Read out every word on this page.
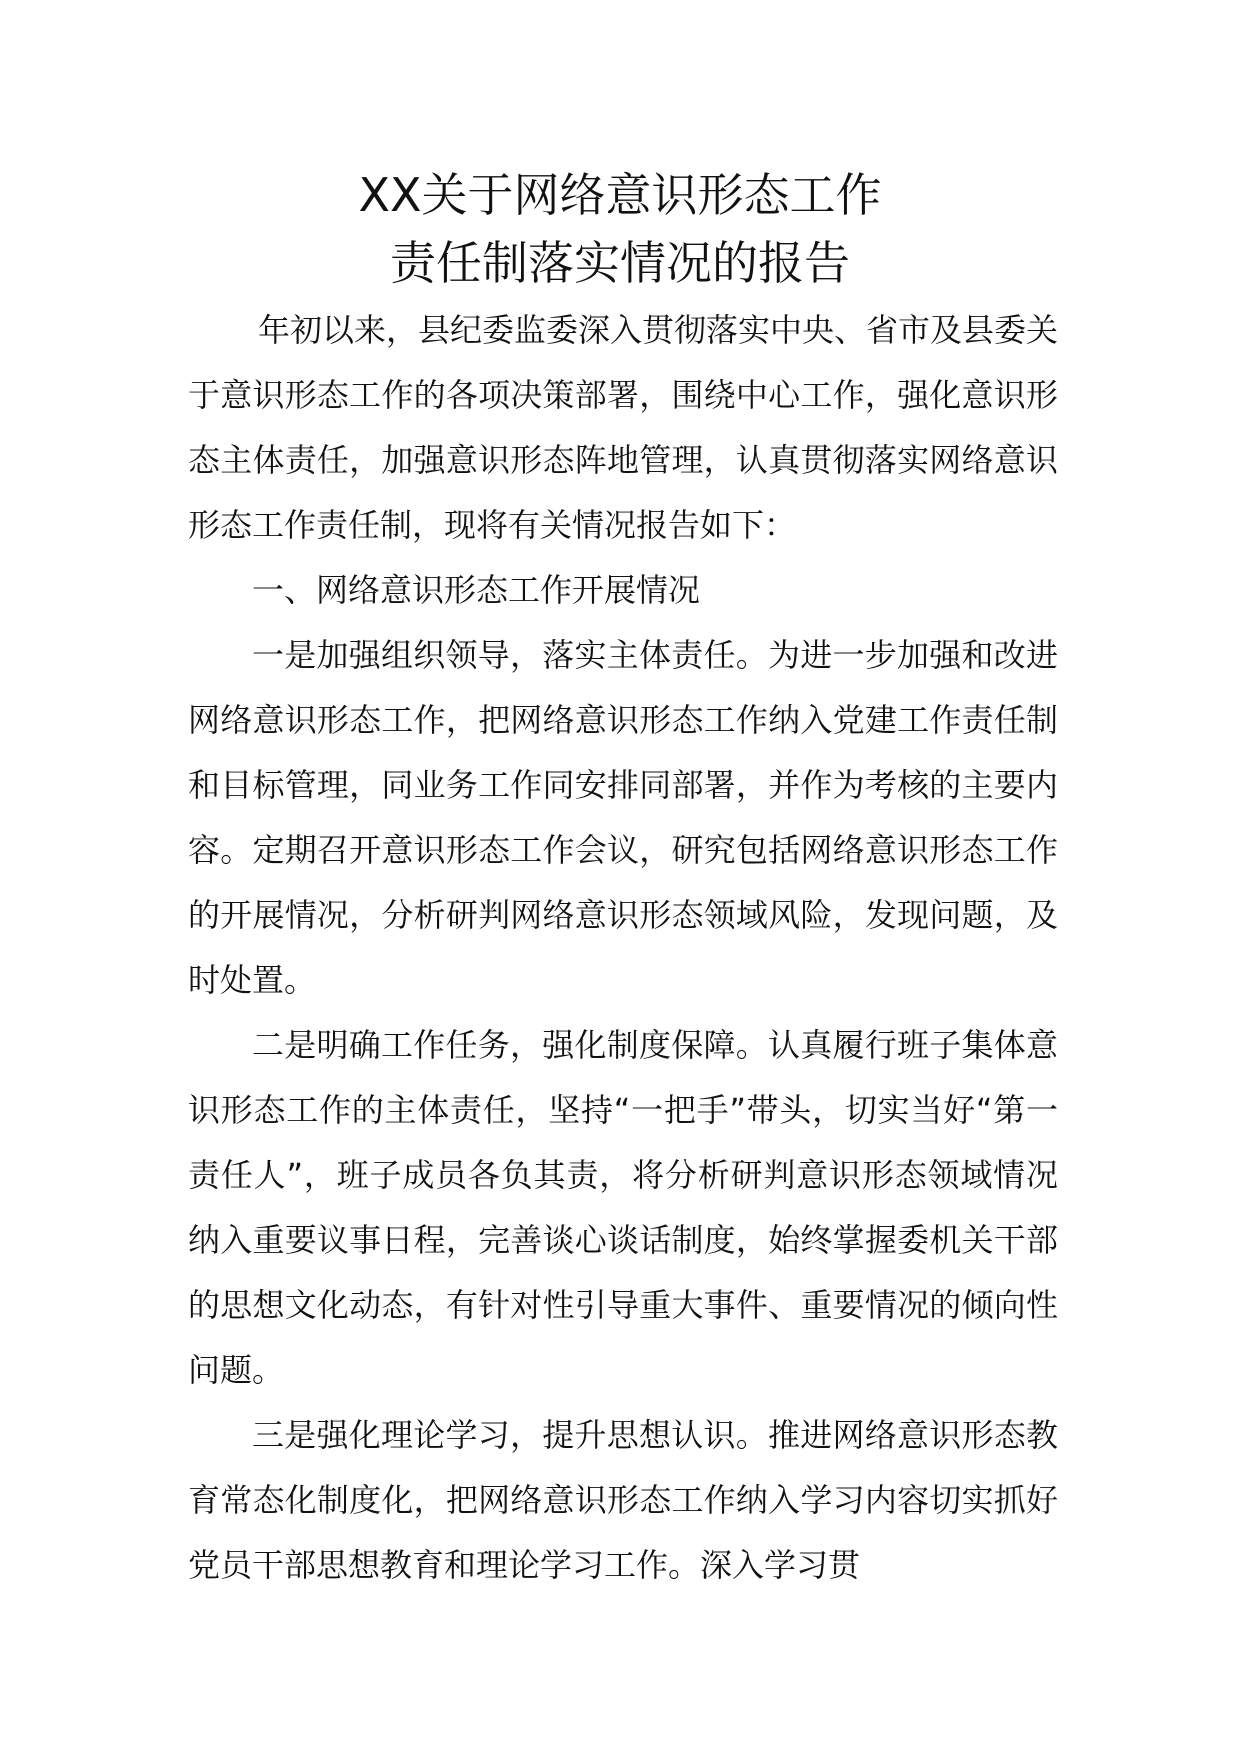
XX关于网络意识形态工作
责任制落实情况的报告

年初以来，县纪委监委深入贯彻落实中央、省市及县委关于意识形态工作的各项决策部署，围绕中心工作，强化意识形态主体责任，加强意识形态阵地管理，认真贯彻落实网络意识形态工作责任制，现将有关情况报告如下：

一、网络意识形态工作开展情况

一是加强组织领导，落实主体责任。为进一步加强和改进网络意识形态工作，把网络意识形态工作纳入党建工作责任制和目标管理，同业务工作同安排同部署，并作为考核的主要内容。定期召开意识形态工作会议，研究包括网络意识形态工作的开展情况，分析研判网络意识形态领域风险，发现问题，及时处置。

二是明确工作任务，强化制度保障。认真履行班子集体意识形态工作的主体责任，坚持“一把手”带头，切实当好“第一责任人”，班子成员各负其责，将分析研判意识形态领域情况纳入重要议事日程，完善谈心谈话制度，始终掌握委机关干部的思想文化动态，有针对性引导重大事件、重要情况的倾向性问题。

三是强化理论学习，提升思想认识。推进网络意识形态教育常态化制度化，把网络意识形态工作纳入学习内容切实抓好党员干部思想教育和理论学习工作。深入学习贯
